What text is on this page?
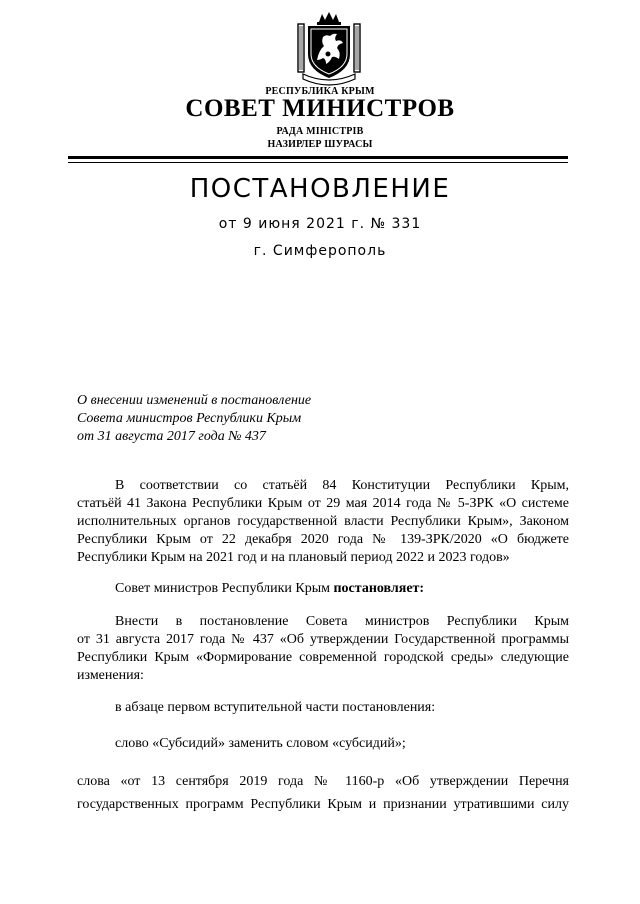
РЕСПУБЛИКА КРЫМ
СОВЕТ МИНИСТРОВ
РАДА МІНІСТРІВ
НАЗИРЛЕР ШУРАСЫ
ПОСТАНОВЛЕНИЕ
от 9 июня 2021 г. № 331
г. Симферополь
О внесении изменений в постановление
Совета министров Республики Крым
от 31 августа 2017 года № 437
В соответствии со статьёй 84 Конституции Республики Крым,
статьёй 41 Закона Республики Крым от 29 мая 2014 года № 5-ЗРК «О системе
исполнительных органов государственной власти Республики Крым», Законом
Республики Крым от 22 декабря 2020 года № 139-ЗРК/2020 «О бюджете
Республики Крым на 2021 год и на плановый период 2022 и 2023 годов»
Совет министров Республики Крым постановляет:
Внести в постановление Совета министров Республики Крым
от 31 августа 2017 года № 437 «Об утверждении Государственной программы
Республики Крым «Формирование современной городской среды» следующие
изменения:
в абзаце первом вступительной части постановления:
слово «Субсидий» заменить словом «субсидий»;
слова «от 13 сентября 2019 года № 1160-р «Об утверждении Перечня
государственных программ Республики Крым и признании утратившими силу
